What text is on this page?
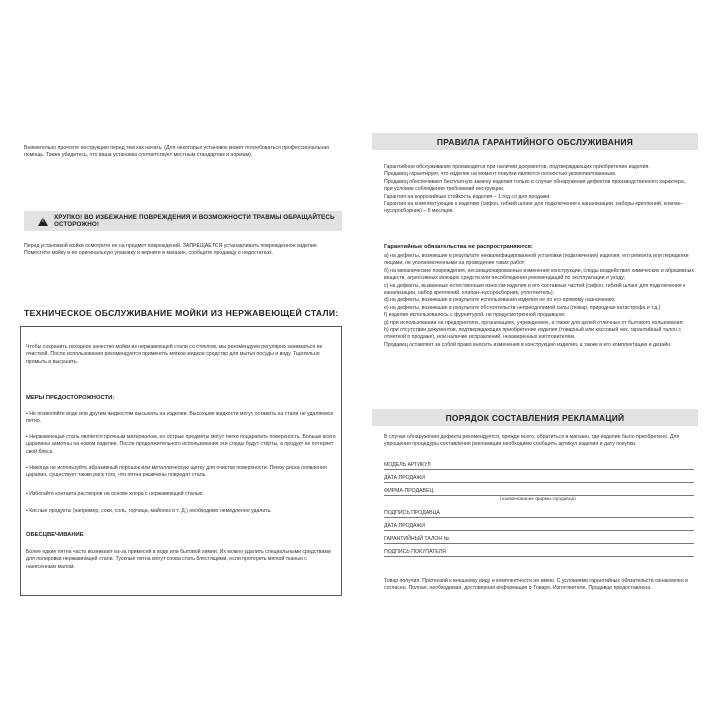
Внимательно прочтите инструкцию перед тем как начать. (Для некоторых установок может потребоваться профессиональная помощь. Также убедитесь, что ваша установка соответствует местным стандартам и нормам).
! ХРУПКО! ВО ИЗБЕЖАНИЕ ПОВРЕЖДЕНИЯ И ВОЗМОЖНОСТИ ТРАВМЫ ОБРАЩАЙТЕСЬ ОСТОРОЖНО!
Перед установкой мойки осмотрите ее на предмет повреждений. ЗАПРЕЩАЕТСЯ устанавливать поврежденное изделие. Поместите мойку в ее оригинальную упаковку и верните в магазин, сообщите продавцу о недостатках.
ТЕХНИЧЕСКОЕ ОБСЛУЖИВАНИЕ МОЙКИ ИЗ НЕРЖАВЕЮЩЕЙ СТАЛИ:
Чтобы сохранить исходное качество мойки из нержавеющей стали со стеклом, мы рекомендуем регулярно заниматься ее очисткой. После использования рекомендуется применять мягкое жидкое средство для мытья посуды и воду. Тщательно промыть и высушить.
МЕРЫ ПРЕДОСТОРОЖНОСТИ:
• Не позволяйте воде или другим жидкостям высыхать на изделии. Высохшие жидкости могут оставить на стали не удаляемое пятно.
• Нержавеющая сталь является прочным материалом, но острые предметы могут легко поцарапать поверхность. Больше всего царапины заметны на новом изделии. После продолжительного использования эти следы будут стёрты, а продукт не потеряет свой блеск.
• Никогда не используйте абразивный порошок или металлическую щетку для очистки поверхности. Пемзу риска появления царапин, существует также риск того, что пятна ржавчины повредят сталь
• Избегайте контакта растворов на основе хлора с нержавеющей сталью.
• Кислые продукты (например, соки, соль, горчица, майонез и т. Д.) необходимо немедленно удалить.
ОБЕСЦВЕЧИВАНИЕ
Более едкие пятна часто возникают из-за примесей в воде или бытовой химии. Их можно удалить специальными средствами для полировки нержавеющей стали. Тусклые пятна могут снова стать блестящими, если протереть мягкой тканью с нанесенным малом.
ПРАВИЛА ГАРАНТИЙНОГО ОБСЛУЖИВАНИЯ

Гарантийное обслуживание производится при наличии документов, подтверждающих приобретение изделия.

Продавец гарантирует, что изделие на момент покупки является полностью укомплектованным.

Продавец обеспечивает бесплатную замену изделия только в случае обнаружения дефектов производственного характера, при условии соблюдения требований инструкции.

Гарантия на коррозийные стойкость изделия – 1 год со дня продажи.

Гарантия на комплектующие к изделию (сифон, гибкий шланг для подключения к канализации, наборы креплений, клапан–нусоросборник) – 6 месяцев.

Гарантийные обязательства не распространяются:

а) на дефекты, возникшие в результате неквалифицированной установки (подключения) изделия, его ремонта или переделки лицами, не уполномоченными на проведение таких работ;

б) на механические повреждения, несанкционированные изменения конструкции, следы воздействия химических и абразивных веществ, агрессивных моющих средств или несоблюдения рекомендаций по эксплуатации и уходу;

с) на дефекты, вызванные естественным износом изделия и его составных частей (сифон, гибкий шланг для подключения к канализации, набор креплений, клапан–нусоросборник, уплотнитель);

d) на дефекты, возникшие в результате использования изделия не по его прямому назначению;

е) на дефекты, возникшие в результате обстоятельств непреодолимой силы (пожар, природная катастрофа и т.д.)

f) изделие использовалось с фурнитурой, не предусмотренной продавцом;

g) при использовании на предприятиях, организациях, учреждениях, а также для целей отличных от бытового пользования;

h) при отсутствии документов, подтверждающих приобретение изделия (товарный или кассовый чек, гарантийный талон с отметкой о продаже), или наличие исправлений, незаверенных изготовителем.

Продавец оставляет за собой право вносить изменения в конструкцию изделия, а также в его комплектацию и дизайн.

ПОРЯДОК СОСТАВЛЕНИЯ РЕКЛАМАЦИЙ
В случае обнаружения дефекта рекомендуется, прежде всего, обратиться в магазин, где изделие было приобретено. Для упрощения процедуры составления рекламации необходимо сообщить артикул изделия и дату покупки.
МОДЕЛЬ АРТИКУЛ
ДАТА ПРОДАЖИ
ФИРМА-ПРОДАВЕЦ
(наименование фирмы-продавца)
ПОДПИСЬ ПРОДАВЦА
ДАТА ПРОДАЖИ
ГАРАНТИЙНЫЙ ТАЛОН №
ПОДПИСЬ ПОКУПАТЕЛЯ
Товар получил. Претензий к внешнему виду и комплектности не имею. С условиями гарантийных обязательств ознакомлен и согласен. Полная, необходимая, достоверная информация о Товаре, Изготовителе, Продавце предоставлена.
